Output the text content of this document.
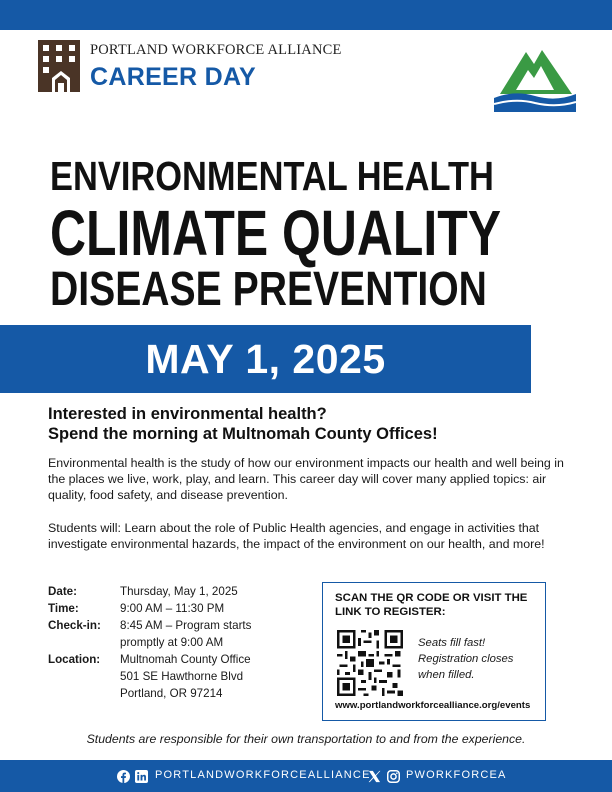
PORTLAND WORKFORCE ALLIANCE
CAREER DAY
ENVIRONMENTAL HEALTH
CLIMATE QUALITY
DISEASE PREVENTION
MAY 1, 2025
Interested in environmental health?
Spend the morning at Multnomah County Offices!
Environmental health is the study of how our environment impacts our health and well being in the places we live, work, play, and learn. This career day will cover many applied topics: air quality, food safety, and disease prevention.
Students will: Learn about the role of Public Health agencies, and engage in activities that investigate environmental hazards, the impact of the environment on our health, and more!
Date:	Thursday, May 1, 2025
Time:	9:00 AM – 11:30 PM
Check-in:	8:45 AM – Program starts
promptly at 9:00 AM
Location:	Multnomah County Office
501 SE Hawthorne Blvd
Portland, OR 97214
SCAN THE QR CODE OR VISIT THE LINK TO REGISTER:
Seats fill fast! Registration closes when filled.
www.portlandworkforcealliance.org/events
Students are responsible for their own transportation to and from the experience.
PORTLANDWORKFORCEALLIANCE	PWORKFORCEA
